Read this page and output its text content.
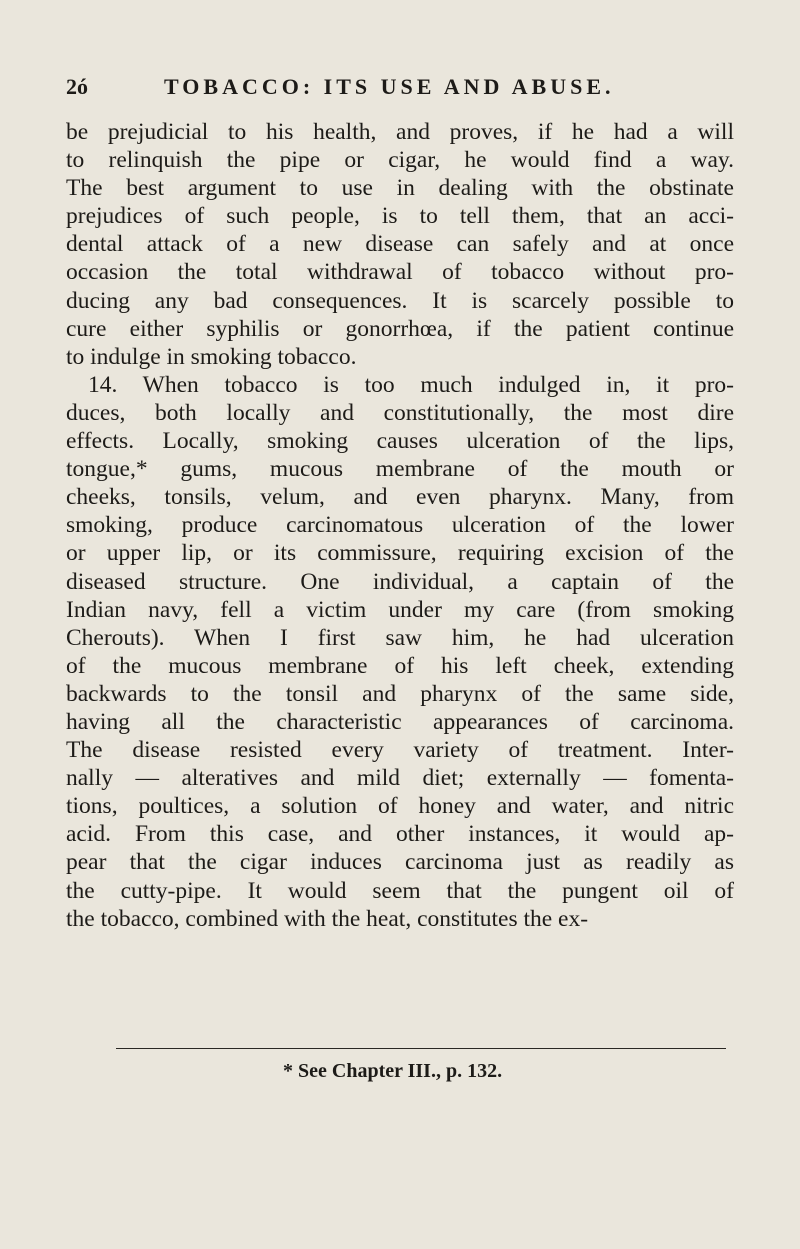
2ó	TOBACCO: ITS USE AND ABUSE.
be prejudicial to his health, and proves, if he had a will
to relinquish the pipe or cigar, he would find a way.
The best argument to use in dealing with the obstinate
prejudices of such people, is to tell them, that an acci-
dental attack of a new disease can safely and at once
occasion the total withdrawal of tobacco without pro-
ducing any bad consequences. It is scarcely possible to
cure either syphilis or gonorrhœa, if the patient continue
to indulge in smoking tobacco.
14. When tobacco is too much indulged in, it pro-
duces, both locally and constitutionally, the most dire
effects. Locally, smoking causes ulceration of the lips,
tongue,* gums, mucous membrane of the mouth or
cheeks, tonsils, velum, and even pharynx. Many, from
smoking, produce carcinomatous ulceration of the lower
or upper lip, or its commissure, requiring excision of the
diseased structure. One individual, a captain of the
Indian navy, fell a victim under my care (from smoking
Cherouts). When I first saw him, he had ulceration
of the mucous membrane of his left cheek, extending
backwards to the tonsil and pharynx of the same side,
having all the characteristic appearances of carcinoma.
The disease resisted every variety of treatment. Inter-
nally — alteratives and mild diet; externally — fomenta-
tions, poultices, a solution of honey and water, and nitric
acid. From this case, and other instances, it would ap-
pear that the cigar induces carcinoma just as readily as
the cutty-pipe. It would seem that the pungent oil of
the tobacco, combined with the heat, constitutes the ex-
* See Chapter III., p. 132.
